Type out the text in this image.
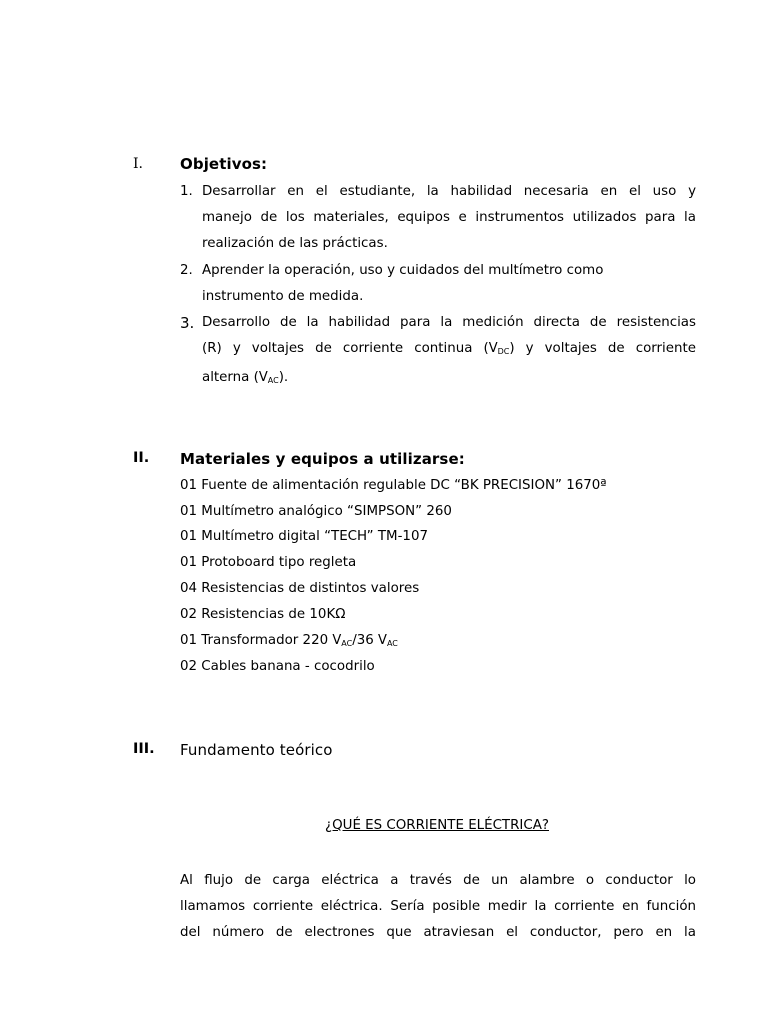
I. Objetivos:
1. Desarrollar en el estudiante, la habilidad necesaria en el uso y
manejo de los materiales, equipos e instrumentos utilizados para la
realización de las prácticas.
2. Aprender la operación, uso y cuidados del multímetro como
instrumento de medida.
3. Desarrollo de la habilidad para la medición directa de resistencias
(R) y voltajes de corriente continua $(V_{DC})$ y voltajes de corriente
alterna $(V_{AC})$.
II. Materiales y equipos a utilizarse:
01 Fuente de alimentación regulable DC “BK PRECISION” 1670ª
01 Multímetro analógico “SIMPSON” 260
01 Multímetro digital “TECH” TM-107
01 Protoboard tipo regleta
04 Resistencias de distintos valores
02 Resistencias de 10KΩ
01 Transformador 220 $V_{AC}/36$ $V_{AC}$
02 Cables banana - cocodrilo
III. Fundamento teórico
¿QUÉ ES CORRIENTE ELÉCTRICA?
Al flujo de carga eléctrica a través de un alambre o conductor lo
llamamos corriente eléctrica. Sería posible medir la corriente en función
del número de electrones que atraviesan el conductor, pero en la
